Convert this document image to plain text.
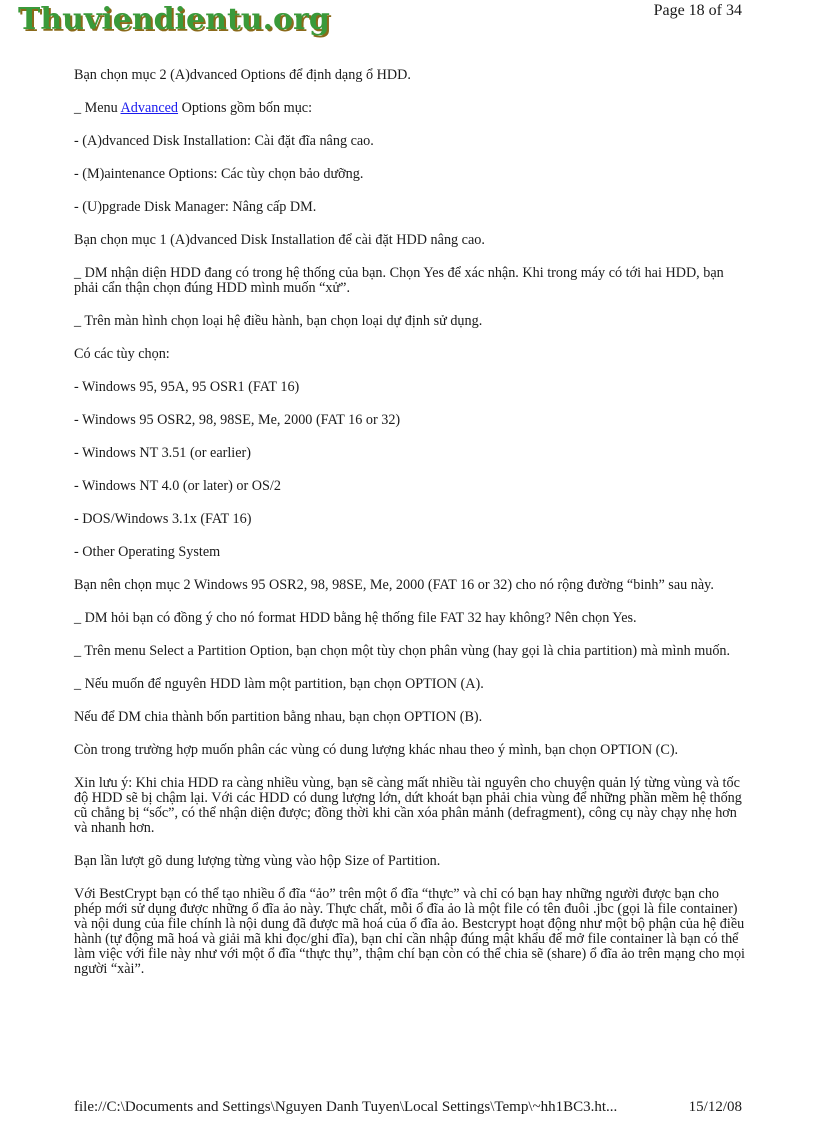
Thuviendientu.org	Page 18 of 34

Bạn chọn mục 2 (A)dvanced Options để định dạng ổ HDD.

_ Menu Advanced Options gồm bốn mục:

- (A)dvanced Disk Installation: Cài đặt đĩa nâng cao.

- (M)aintenance Options: Các tùy chọn bảo dưỡng.

- (U)pgrade Disk Manager: Nâng cấp DM.

Bạn chọn mục 1 (A)dvanced Disk Installation để cài đặt HDD nâng cao.

_ DM nhận diện HDD đang có trong hệ thống của bạn. Chọn Yes để xác nhận. Khi trong máy có tới hai HDD, bạn phải cẩn thận chọn đúng HDD mình muốn “xử”.

_ Trên màn hình chọn loại hệ điều hành, bạn chọn loại dự định sử dụng.

Có các tùy chọn:

- Windows 95, 95A, 95 OSR1 (FAT 16)

- Windows 95 OSR2, 98, 98SE, Me, 2000 (FAT 16 or 32)

- Windows NT 3.51 (or earlier)

- Windows NT 4.0 (or later) or OS/2

- DOS/Windows 3.1x (FAT 16)

- Other Operating System

Bạn nên chọn mục 2 Windows 95 OSR2, 98, 98SE, Me, 2000 (FAT 16 or 32) cho nó rộng đường “binh” sau này.

_ DM hỏi bạn có đồng ý cho nó format HDD bằng hệ thống file FAT 32 hay không? Nên chọn Yes.

_ Trên menu Select a Partition Option, bạn chọn một tùy chọn phân vùng (hay gọi là chia partition) mà mình muốn.

_ Nếu muốn để nguyên HDD làm một partition, bạn chọn OPTION (A).

Nếu để DM chia thành bốn partition bằng nhau, bạn chọn OPTION (B).

Còn trong trường hợp muốn phân các vùng có dung lượng khác nhau theo ý mình, bạn chọn OPTION (C).

Xin lưu ý: Khi chia HDD ra càng nhiều vùng, bạn sẽ càng mất nhiều tài nguyên cho chuyện quản lý từng vùng và tốc độ HDD sẽ bị chậm lại. Với các HDD có dung lượng lớn, dứt khoát bạn phải chia vùng để những phần mềm hệ thống cũ chẳng bị “sốc”, có thể nhận diện được; đồng thời khi cần xóa phân mảnh (defragment), công cụ này chạy nhẹ hơn và nhanh hơn.

Bạn lần lượt gõ dung lượng từng vùng vào hộp Size of Partition.

Với BestCrypt bạn có thể tạo nhiều ổ đĩa “ảo” trên một ổ đĩa “thực” và chỉ có bạn hay những người được bạn cho phép mới sử dụng được những ổ đĩa ảo này. Thực chất, mỗi ổ đĩa ảo là một file có tên đuôi .jbc (gọi là file container) và nội dung của file chính là nội dung đã được mã hoá của ổ đĩa ảo. Bestcrypt hoạt động như một bộ phận của hệ điều hành (tự động mã hoá và giải mã khi đọc/ghi đĩa), bạn chỉ cần nhập đúng mật khẩu để mở file container là bạn có thể làm việc với file này như với một ổ đĩa “thực thụ”, thậm chí bạn còn có thể chia sẽ (share) ổ đĩa ảo trên mạng cho mọi người “xài”.

file://C:\Documents and Settings\Nguyen Danh Tuyen\Local Settings\Temp\~hh1BC3.ht...	15/12/08
